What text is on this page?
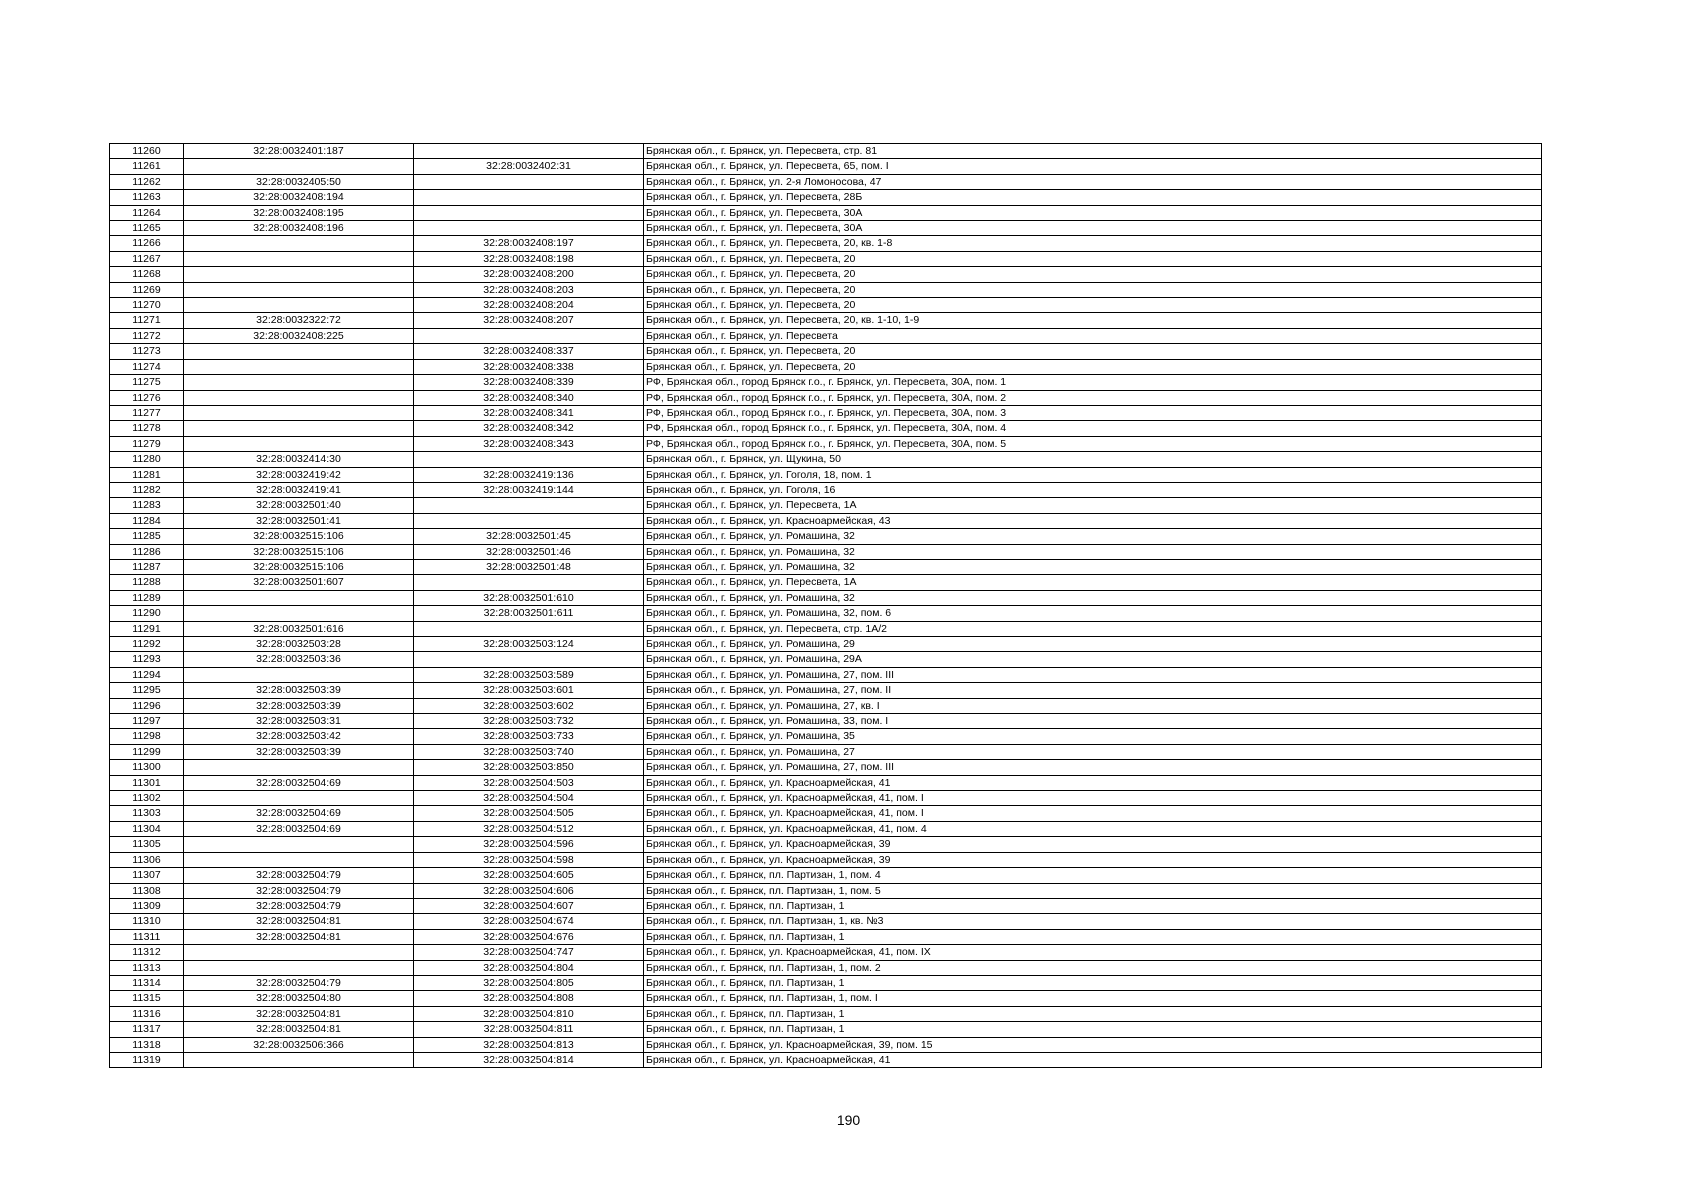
11260	32:28:0032401:187		Брянская обл., г. Брянск, ул. Пересвета, стр. 81
11261		32:28:0032402:31	Брянская обл., г. Брянск, ул. Пересвета, 65, пом. I
11262	32:28:0032405:50		Брянская обл., г. Брянск, ул. 2-я Ломоносова, 47
11263	32:28:0032408:194		Брянская обл., г. Брянск, ул. Пересвета, 28Б
11264	32:28:0032408:195		Брянская обл., г. Брянск, ул. Пересвета, 30А
11265	32:28:0032408:196		Брянская обл., г. Брянск, ул. Пересвета, 30А
11266		32:28:0032408:197	Брянская обл., г. Брянск, ул. Пересвета, 20, кв. 1-8
11267		32:28:0032408:198	Брянская обл., г. Брянск, ул. Пересвета, 20
11268		32:28:0032408:200	Брянская обл., г. Брянск, ул. Пересвета, 20
11269		32:28:0032408:203	Брянская обл., г. Брянск, ул. Пересвета, 20
11270		32:28:0032408:204	Брянская обл., г. Брянск, ул. Пересвета, 20
11271	32:28:0032322:72	32:28:0032408:207	Брянская обл., г. Брянск, ул. Пересвета, 20, кв. 1-10, 1-9
11272	32:28:0032408:225		Брянская обл., г. Брянск, ул. Пересвета
11273		32:28:0032408:337	Брянская обл., г. Брянск, ул. Пересвета, 20
11274		32:28:0032408:338	Брянская обл., г. Брянск, ул. Пересвета, 20
11275		32:28:0032408:339	РФ, Брянская обл., город Брянск г.о., г. Брянск, ул. Пересвета, 30А, пом. 1
11276		32:28:0032408:340	РФ, Брянская обл., город Брянск г.о., г. Брянск, ул. Пересвета, 30А, пом. 2
11277		32:28:0032408:341	РФ, Брянская обл., город Брянск г.о., г. Брянск, ул. Пересвета, 30А, пом. 3
11278		32:28:0032408:342	РФ, Брянская обл., город Брянск г.о., г. Брянск, ул. Пересвета, 30А, пом. 4
11279		32:28:0032408:343	РФ, Брянская обл., город Брянск г.о., г. Брянск, ул. Пересвета, 30А, пом. 5
11280	32:28:0032414:30		Брянская обл., г. Брянск, ул. Щукина, 50
11281	32:28:0032419:42	32:28:0032419:136	Брянская обл., г. Брянск, ул. Гоголя, 18, пом. 1
11282	32:28:0032419:41	32:28:0032419:144	Брянская обл., г. Брянск, ул. Гоголя, 16
11283	32:28:0032501:40		Брянская обл., г. Брянск, ул. Пересвета, 1А
11284	32:28:0032501:41		Брянская обл., г. Брянск, ул. Красноармейская, 43
11285	32:28:0032515:106	32:28:0032501:45	Брянская обл., г. Брянск, ул. Ромашина, 32
11286	32:28:0032515:106	32:28:0032501:46	Брянская обл., г. Брянск, ул. Ромашина, 32
11287	32:28:0032515:106	32:28:0032501:48	Брянская обл., г. Брянск, ул. Ромашина, 32
11288	32:28:0032501:607		Брянская обл., г. Брянск, ул. Пересвета, 1А
11289		32:28:0032501:610	Брянская обл., г. Брянск, ул. Ромашина, 32
11290		32:28:0032501:611	Брянская обл., г. Брянск, ул. Ромашина, 32, пом. 6
11291	32:28:0032501:616		Брянская обл., г. Брянск, ул. Пересвета, стр. 1А/2
11292	32:28:0032503:28	32:28:0032503:124	Брянская обл., г. Брянск, ул. Ромашина, 29
11293	32:28:0032503:36		Брянская обл., г. Брянск, ул. Ромашина, 29А
11294		32:28:0032503:589	Брянская обл., г. Брянск, ул. Ромашина, 27, пом. III
11295	32:28:0032503:39	32:28:0032503:601	Брянская обл., г. Брянск, ул. Ромашина, 27, пом. II
11296	32:28:0032503:39	32:28:0032503:602	Брянская обл., г. Брянск, ул. Ромашина, 27, кв. I
11297	32:28:0032503:31	32:28:0032503:732	Брянская обл., г. Брянск, ул. Ромашина, 33, пом. I
11298	32:28:0032503:42	32:28:0032503:733	Брянская обл., г. Брянск, ул. Ромашина, 35
11299	32:28:0032503:39	32:28:0032503:740	Брянская обл., г. Брянск, ул. Ромашина, 27
11300		32:28:0032503:850	Брянская обл., г. Брянск, ул. Ромашина, 27, пом. III
11301	32:28:0032504:69	32:28:0032504:503	Брянская обл., г. Брянск, ул. Красноармейская, 41
11302		32:28:0032504:504	Брянская обл., г. Брянск, ул. Красноармейская, 41, пом. I
11303	32:28:0032504:69	32:28:0032504:505	Брянская обл., г. Брянск, ул. Красноармейская, 41, пом. I
11304	32:28:0032504:69	32:28:0032504:512	Брянская обл., г. Брянск, ул. Красноармейская, 41, пом. 4
11305		32:28:0032504:596	Брянская обл., г. Брянск, ул. Красноармейская, 39
11306		32:28:0032504:598	Брянская обл., г. Брянск, ул. Красноармейская, 39
11307	32:28:0032504:79	32:28:0032504:605	Брянская обл., г. Брянск, пл. Партизан, 1, пом. 4
11308	32:28:0032504:79	32:28:0032504:606	Брянская обл., г. Брянск, пл. Партизан, 1, пом. 5
11309	32:28:0032504:79	32:28:0032504:607	Брянская обл., г. Брянск, пл. Партизан, 1
11310	32:28:0032504:81	32:28:0032504:674	Брянская обл., г. Брянск, пл. Партизан, 1, кв. №3
11311	32:28:0032504:81	32:28:0032504:676	Брянская обл., г. Брянск, пл. Партизан, 1
11312		32:28:0032504:747	Брянская обл., г. Брянск, ул. Красноармейская, 41, пом. IX
11313		32:28:0032504:804	Брянская обл., г. Брянск, пл. Партизан, 1, пом. 2
11314	32:28:0032504:79	32:28:0032504:805	Брянская обл., г. Брянск, пл. Партизан, 1
11315	32:28:0032504:80	32:28:0032504:808	Брянская обл., г. Брянск, пл. Партизан, 1, пом. I
11316	32:28:0032504:81	32:28:0032504:810	Брянская обл., г. Брянск, пл. Партизан, 1
11317	32:28:0032504:81	32:28:0032504:811	Брянская обл., г. Брянск, пл. Партизан, 1
11318	32:28:0032506:366	32:28:0032504:813	Брянская обл., г. Брянск, ул. Красноармейская, 39, пом. 15
11319		32:28:0032504:814	Брянская обл., г. Брянск, ул. Красноармейская, 41
190
